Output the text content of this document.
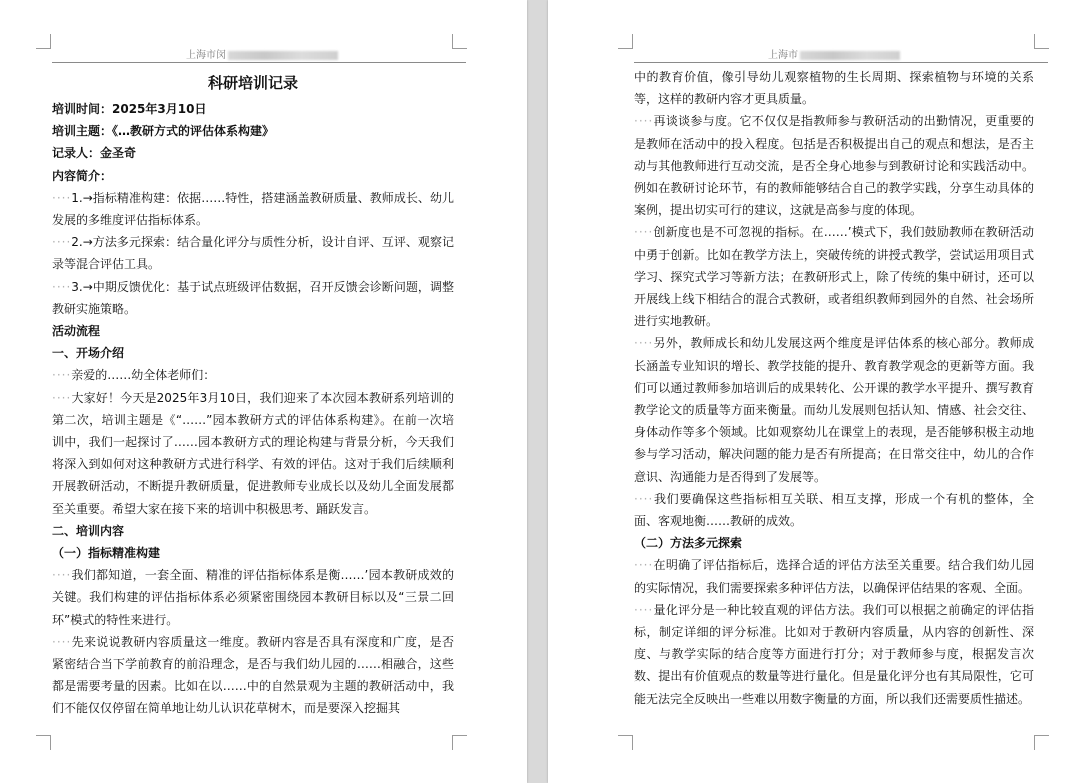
上海市闵
科研培训记录

培训时间：2025年3月10日

培训主题：《…教研方式的评估体系构建》

记录人：金圣奇

内容简介：

····1.→指标精准构建：依据……特性，搭建涵盖教研质量、教师成长、幼儿发展的多维度评估指标体系。

····2.→方法多元探索：结合量化评分与质性分析，设计自评、互评、观察记录等混合评估工具。

····3.→中期反馈优化：基于试点班级评估数据，召开反馈会诊断问题，调整教研实施策略。

活动流程

一、开场介绍

····亲爱的……幼全体老师们：

····大家好！今天是2025年3月10日，我们迎来了本次园本教研系列培训的第二次，培训主题是《“……”园本教研方式的评估体系构建》。在前一次培训中，我们一起探讨了……园本教研方式的理论构建与背景分析，今天我们将深入到如何对这种教研方式进行科学、有效的评估。这对于我们后续顺利开展教研活动，不断提升教研质量，促进教师专业成长以及幼儿全面发展都至关重要。希望大家在接下来的培训中积极思考、踊跃发言。

二、培训内容

（一）指标精准构建

····我们都知道，一套全面、精准的评估指标体系是衡……’园本教研成效的关键。我们构建的评估指标体系必须紧密围绕园本教研目标以及“三景二回环”模式的特性来进行。

····先来说说教研内容质量这一维度。教研内容是否具有深度和广度，是否紧密结合当下学前教育的前沿理念，是否与我们幼儿园的……相融合，这些都是需要考量的因素。比如在以……中的自然景观为主题的教研活动中，我们不能仅仅停留在简单地让幼儿认识花草树木，而是要深入挖掘其

上海市

中的教育价值，像引导幼儿观察植物的生长周期、探索植物与环境的关系等，这样的教研内容才更具质量。

····再谈谈参与度。它不仅仅是指教师参与教研活动的出勤情况，更重要的是教师在活动中的投入程度。包括是否积极提出自己的观点和想法，是否主动与其他教师进行互动交流，是否全身心地参与到教研讨论和实践活动中。例如在教研讨论环节，有的教师能够结合自己的教学实践，分享生动具体的案例，提出切实可行的建议，这就是高参与度的体现。

····创新度也是不可忽视的指标。在……’模式下，我们鼓励教师在教研活动中勇于创新。比如在教学方法上，突破传统的讲授式教学，尝试运用项目式学习、探究式学习等新方法；在教研形式上，除了传统的集中研讨，还可以开展线上线下相结合的混合式教研，或者组织教师到园外的自然、社会场所进行实地教研。

····另外，教师成长和幼儿发展这两个维度是评估体系的核心部分。教师成长涵盖专业知识的增长、教学技能的提升、教育教学观念的更新等方面。我们可以通过教师参加培训后的成果转化、公开课的教学水平提升、撰写教育教学论文的质量等方面来衡量。而幼儿发展则包括认知、情感、社会交往、身体动作等多个领域。比如观察幼儿在课堂上的表现，是否能够积极主动地参与学习活动，解决问题的能力是否有所提高；在日常交往中，幼儿的合作意识、沟通能力是否得到了发展等。

····我们要确保这些指标相互关联、相互支撑，形成一个有机的整体，全面、客观地衡……教研的成效。

（二）方法多元探索

····在明确了评估指标后，选择合适的评估方法至关重要。结合我们幼儿园的实际情况，我们需要探索多种评估方法，以确保评估结果的客观、全面。

····量化评分是一种比较直观的评估方法。我们可以根据之前确定的评估指标，制定详细的评分标准。比如对于教研内容质量，从内容的创新性、深度、与教学实际的结合度等方面进行打分；对于教师参与度，根据发言次数、提出有价值观点的数量等进行量化。但是量化评分也有其局限性，它可能无法完全反映出一些难以用数字衡量的方面，所以我们还需要质性描述。
